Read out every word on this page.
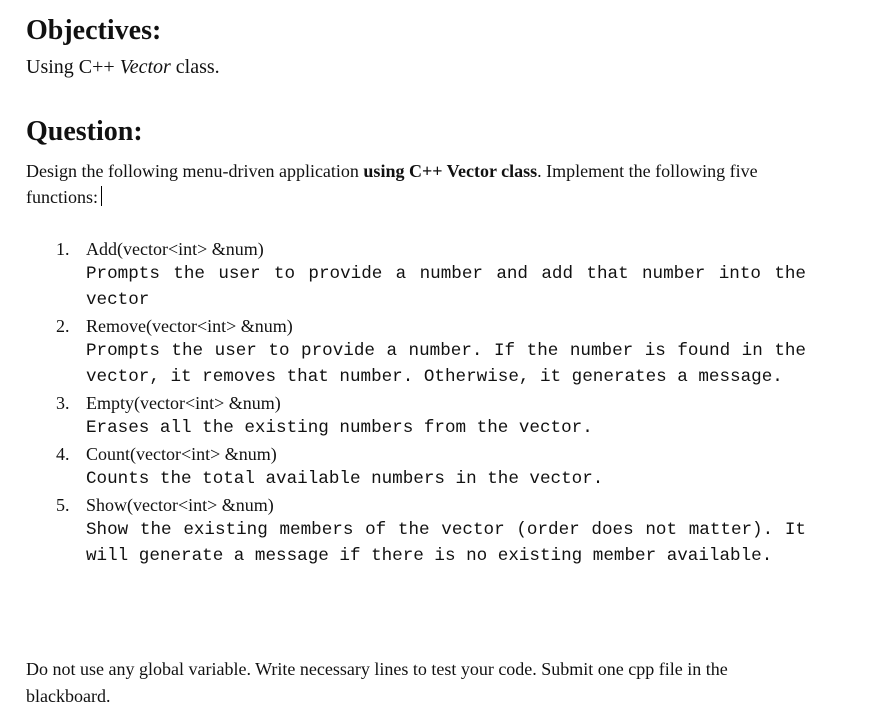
Objectives:
Using C++ Vector class.
Question:
Design the following menu-driven application using C++ Vector class. Implement the following five functions:
1. Add(vector<int> &num)
Prompts the user to provide a number and add that number into the vector
2. Remove(vector<int> &num)
Prompts the user to provide a number. If the number is found in the vector, it removes that number. Otherwise, it generates a message.
3. Empty(vector<int> &num)
Erases all the existing numbers from the vector.
4. Count(vector<int> &num)
Counts the total available numbers in the vector.
5. Show(vector<int> &num)
Show the existing members of the vector (order does not matter). It will generate a message if there is no existing member available.
Do not use any global variable. Write necessary lines to test your code. Submit one cpp file in the blackboard.
